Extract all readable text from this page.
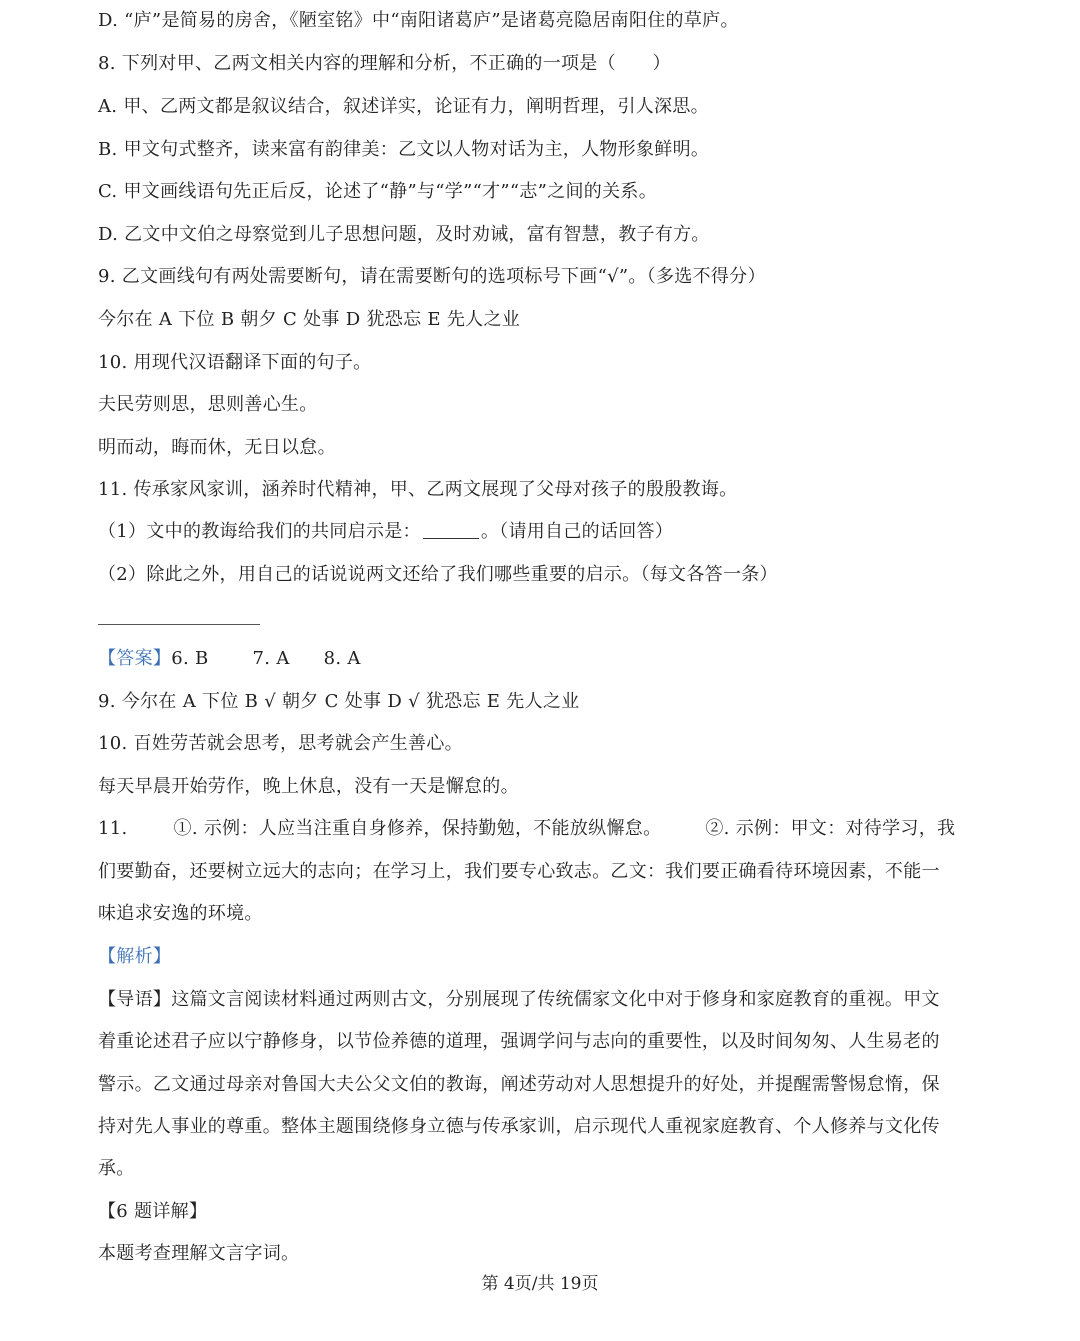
D. “庐”是简易的房舍，《陋室铭》中“南阳诸葛庐”是诸葛亮隐居南阳住的草庐。
8. 下列对甲、乙两文相关内容的理解和分析，不正确的一项是（　　）
A. 甲、乙两文都是叙议结合，叙述详实，论证有力，阐明哲理，引人深思。
B. 甲文句式整齐，读来富有韵律美：乙文以人物对话为主，人物形象鲜明。
C. 甲文画线语句先正后反，论述了“静”与“学”“才”“志”之间的关系。
D. 乙文中文伯之母察觉到儿子思想问题，及时劝诫，富有智慧，教子有方。
9. 乙文画线句有两处需要断句，请在需要断句的选项标号下画“√”。（多选不得分）
今尔在 A 下位 B 朝夕 C 处事 D 犹恐忘 E 先人之业
10. 用现代汉语翻译下面的句子。
夫民劳则思，思则善心生。
明而动，晦而休，无日以怠。
11. 传承家风家训，涵养时代精神，甲、乙两文展现了父母对孩子的殷殷教诲。
（1）文中的教诲给我们的共同启示是：	。（请用自己的话回答）
（2）除此之外，用自己的话说说两文还给了我们哪些重要的启示。（每文各答一条）
【答案】6. B 7. A 8. A
9. 今尔在 A 下位 B √ 朝夕 C 处事 D √ 犹恐忘 E 先人之业
10. 百姓劳苦就会思考，思考就会产生善心。
每天早晨开始劳作，晚上休息，没有一天是懈怠的。
11.	①. 示例：人应当注重自身修养，保持勤勉，不能放纵懈怠。 ②. 示例：甲文：对待学习，我
们要勤奋，还要树立远大的志向；在学习上，我们要专心致志。乙文：我们要正确看待环境因素，不能一
味追求安逸的环境。
【解析】
【导语】这篇文言阅读材料通过两则古文，分别展现了传统儒家文化中对于修身和家庭教育的重视。甲文
着重论述君子应以宁静修身，以节俭养德的道理，强调学问与志向的重要性，以及时间匆匆、人生易老的
警示。乙文通过母亲对鲁国大夫公父文伯的教诲，阐述劳动对人思想提升的好处，并提醒需警惕怠惰，保
持对先人事业的尊重。整体主题围绕修身立德与传承家训，启示现代人重视家庭教育、个人修养与文化传
承。
【6 题详解】
本题考查理解文言字词。
第 4页/共 19页
